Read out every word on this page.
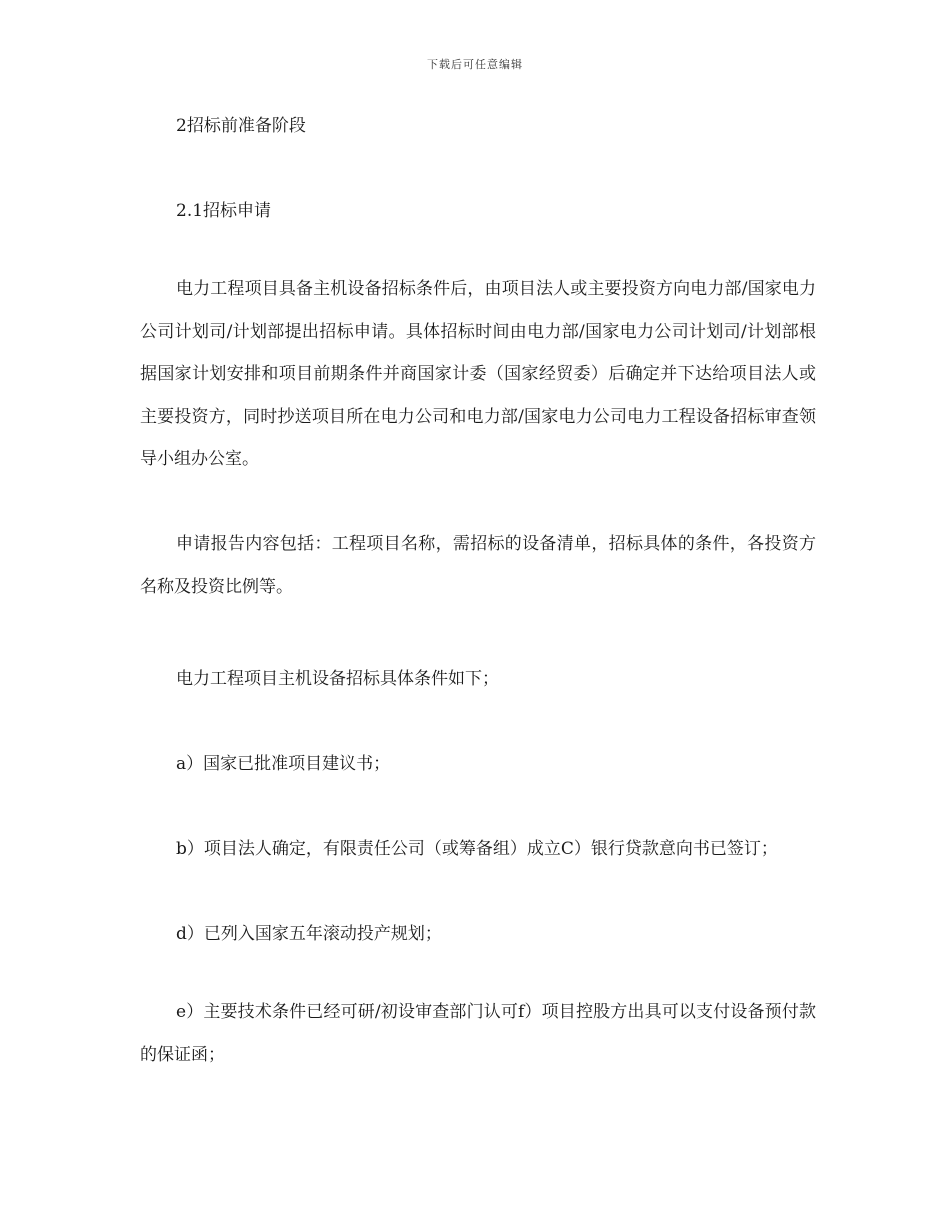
下载后可任意编辑
2招标前准备阶段
2.1招标申请
电力工程项目具备主机设备招标条件后，由项目法人或主要投资方向电力部/国家电力公司计划司/计划部提出招标申请。具体招标时间由电力部/国家电力公司计划司/计划部根据国家计划安排和项目前期条件并商国家计委（国家经贸委）后确定并下达给项目法人或主要投资方，同时抄送项目所在电力公司和电力部/国家电力公司电力工程设备招标审查领导小组办公室。
申请报告内容包括：工程项目名称，需招标的设备清单，招标具体的条件，各投资方名称及投资比例等。
电力工程项目主机设备招标具体条件如下；
a）国家已批准项目建议书；
b）项目法人确定，有限责任公司（或筹备组）成立C）银行贷款意向书已签订；
d）已列入国家五年滚动投产规划；
e）主要技术条件已经可研/初设审查部门认可f）项目控股方出具可以支付设备预付款的保证函；
